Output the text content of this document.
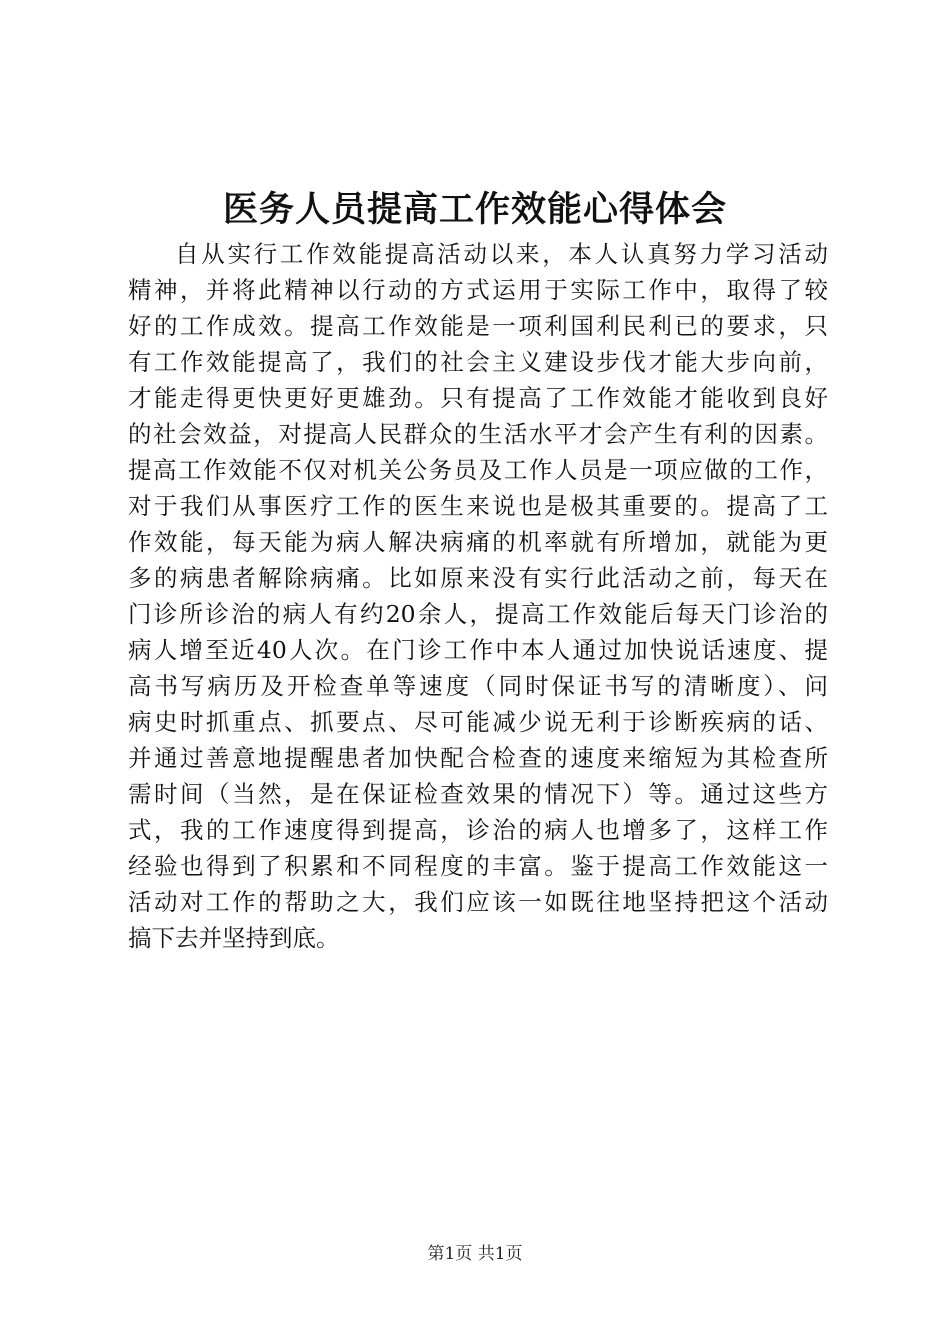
医务人员提高工作效能心得体会
自从实行工作效能提高活动以来，本人认真努力学习活动
精神，并将此精神以行动的方式运用于实际工作中，取得了较
好的工作成效。提高工作效能是一项利国利民利已的要求，只
有工作效能提高了，我们的社会主义建设步伐才能大步向前，
才能走得更快更好更雄劲。只有提高了工作效能才能收到良好
的社会效益，对提高人民群众的生活水平才会产生有利的因素。
提高工作效能不仅对机关公务员及工作人员是一项应做的工作，
对于我们从事医疗工作的医生来说也是极其重要的。提高了工
作效能，每天能为病人解决病痛的机率就有所增加，就能为更
多的病患者解除病痛。比如原来没有实行此活动之前，每天在
门诊所诊治的病人有约20余人，提高工作效能后每天门诊治的
病人增至近40人次。在门诊工作中本人通过加快说话速度、提
高书写病历及开检查单等速度（同时保证书写的清晰度）、问
病史时抓重点、抓要点、尽可能减少说无利于诊断疾病的话、
并通过善意地提醒患者加快配合检查的速度来缩短为其检查所
需时间（当然，是在保证检查效果的情况下）等。通过这些方
式，我的工作速度得到提高，诊治的病人也增多了，这样工作
经验也得到了积累和不同程度的丰富。鉴于提高工作效能这一
活动对工作的帮助之大，我们应该一如既往地坚持把这个活动
搞下去并坚持到底。
第1页 共1页
